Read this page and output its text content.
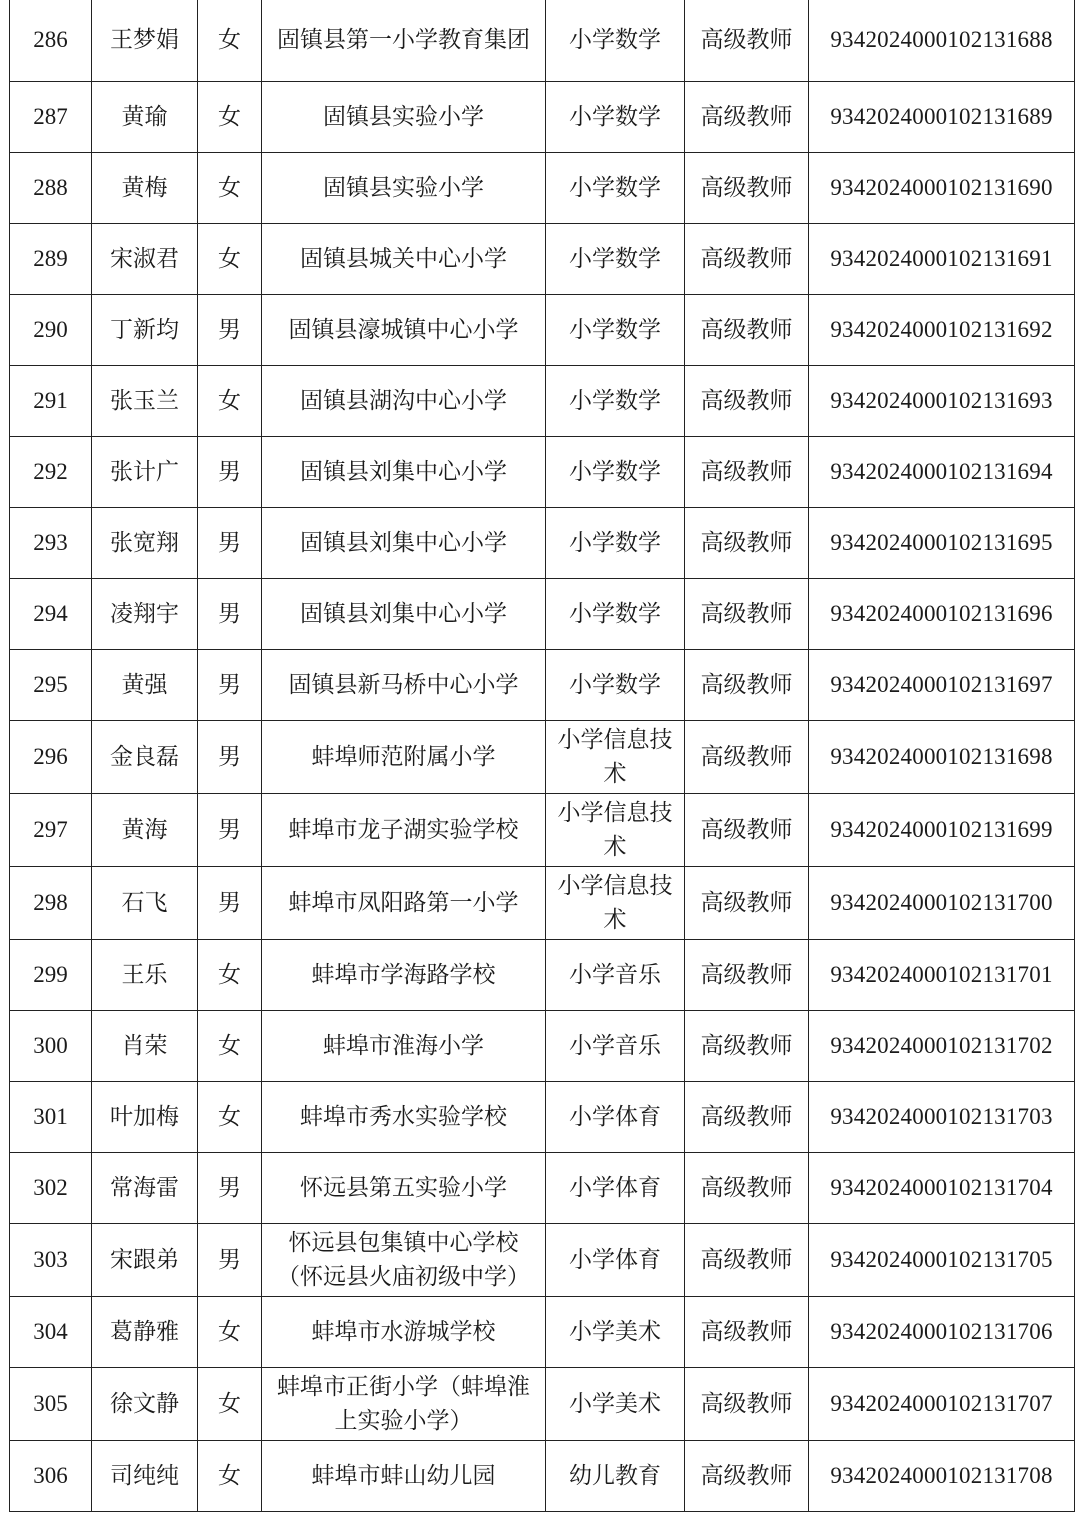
286	王梦娟	女	固镇县第一小学教育集团	小学数学	高级教师	9342024000102131688
287	黄瑜	女	固镇县实验小学	小学数学	高级教师	9342024000102131689
288	黄梅	女	固镇县实验小学	小学数学	高级教师	9342024000102131690
289	宋淑君	女	固镇县城关中心小学	小学数学	高级教师	9342024000102131691
290	丁新均	男	固镇县濠城镇中心小学	小学数学	高级教师	9342024000102131692
291	张玉兰	女	固镇县湖沟中心小学	小学数学	高级教师	9342024000102131693
292	张计广	男	固镇县刘集中心小学	小学数学	高级教师	9342024000102131694
293	张宽翔	男	固镇县刘集中心小学	小学数学	高级教师	9342024000102131695
294	凌翔宇	男	固镇县刘集中心小学	小学数学	高级教师	9342024000102131696
295	黄强	男	固镇县新马桥中心小学	小学数学	高级教师	9342024000102131697
296	金良磊	男	蚌埠师范附属小学	小学信息技术	高级教师	9342024000102131698
297	黄海	男	蚌埠市龙子湖实验学校	小学信息技术	高级教师	9342024000102131699
298	石飞	男	蚌埠市凤阳路第一小学	小学信息技术	高级教师	9342024000102131700
299	王乐	女	蚌埠市学海路学校	小学音乐	高级教师	9342024000102131701
300	肖荣	女	蚌埠市淮海小学	小学音乐	高级教师	9342024000102131702
301	叶加梅	女	蚌埠市秀水实验学校	小学体育	高级教师	9342024000102131703
302	常海雷	男	怀远县第五实验小学	小学体育	高级教师	9342024000102131704
303	宋跟弟	男	怀远县包集镇中心学校（怀远县火庙初级中学）	小学体育	高级教师	9342024000102131705
304	葛静雅	女	蚌埠市水游城学校	小学美术	高级教师	9342024000102131706
305	徐文静	女	蚌埠市正街小学（蚌埠淮上实验小学）	小学美术	高级教师	9342024000102131707
306	司纯纯	女	蚌埠市蚌山幼儿园	幼儿教育	高级教师	9342024000102131708
